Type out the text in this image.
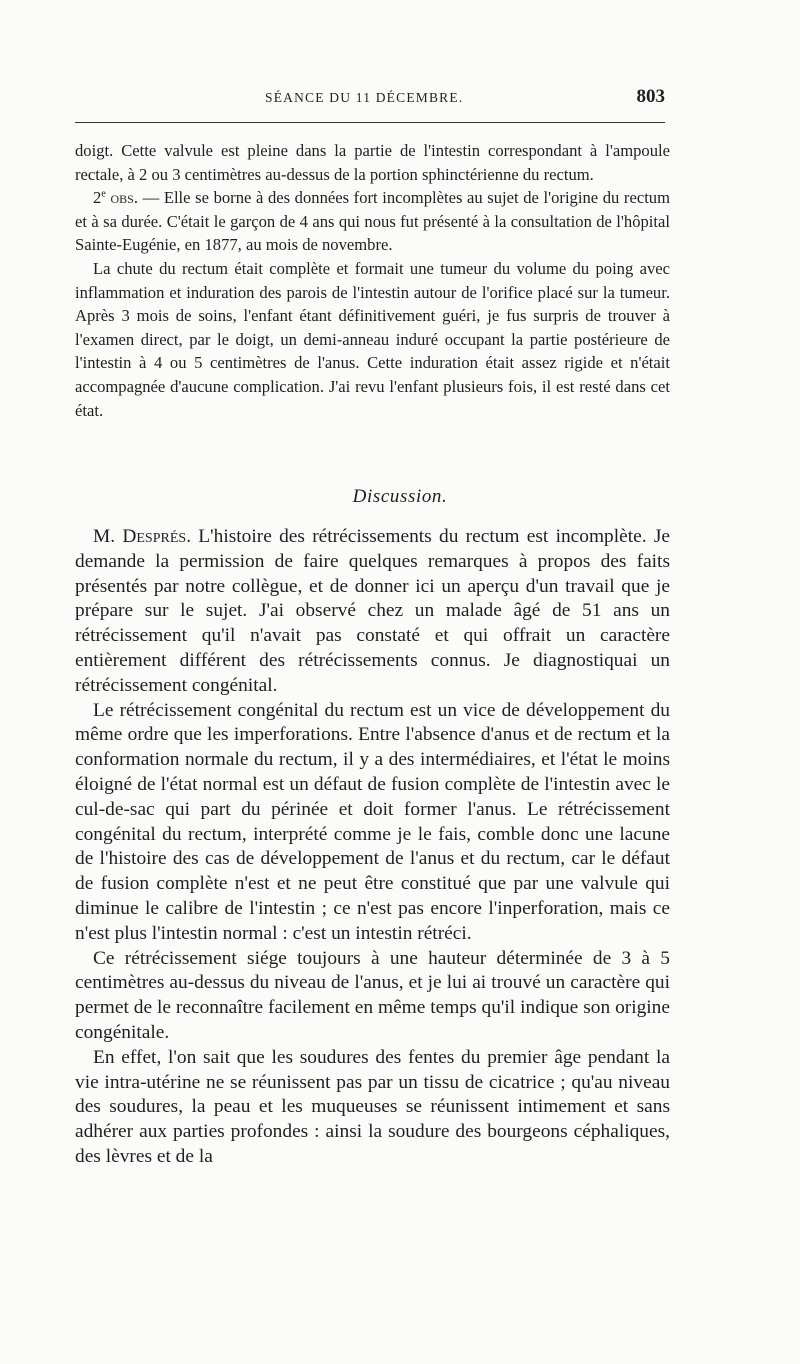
SÉANCE DU 11 DÉCEMBRE.	803

doigt. Cette valvule est pleine dans la partie de l'intestin correspondant à l'ampoule rectale, à 2 ou 3 centimètres au-dessus de la portion sphinctérienne du rectum.

2e obs. — Elle se borne à des données fort incomplètes au sujet de l'origine du rectum et à sa durée. C'était le garçon de 4 ans qui nous fut présenté à la consultation de l'hôpital Sainte-Eugénie, en 1877, au mois de novembre.

La chute du rectum était complète et formait une tumeur du volume du poing avec inflammation et induration des parois de l'intestin autour de l'orifice placé sur la tumeur. Après 3 mois de soins, l'enfant étant définitivement guéri, je fus surpris de trouver à l'examen direct, par le doigt, un demi-anneau induré occupant la partie postérieure de l'intestin à 4 ou 5 centimètres de l'anus. Cette induration était assez rigide et n'était accompagnée d'aucune complication. J'ai revu l'enfant plusieurs fois, il est resté dans cet état.

Discussion.

M. Després. L'histoire des rétrécissements du rectum est incomplète. Je demande la permission de faire quelques remarques à propos des faits présentés par notre collègue, et de donner ici un aperçu d'un travail que je prépare sur le sujet. J'ai observé chez un malade âgé de 51 ans un rétrécissement qu'il n'avait pas constaté et qui offrait un caractère entièrement différent des rétrécissements connus. Je diagnostiquai un rétrécissement congénital.

Le rétrécissement congénital du rectum est un vice de développement du même ordre que les imperforations. Entre l'absence d'anus et de rectum et la conformation normale du rectum, il y a des intermédiaires, et l'état le moins éloigné de l'état normal est un défaut de fusion complète de l'intestin avec le cul-de-sac qui part du périnée et doit former l'anus. Le rétrécissement congénital du rectum, interprété comme je le fais, comble donc une lacune de l'histoire des cas de développement de l'anus et du rectum, car le défaut de fusion complète n'est et ne peut être constitué que par une valvule qui diminue le calibre de l'intestin ; ce n'est pas encore l'inperforation, mais ce n'est plus l'intestin normal : c'est un intestin rétréci.

Ce rétrécissement siége toujours à une hauteur déterminée de 3 à 5 centimètres au-dessus du niveau de l'anus, et je lui ai trouvé un caractère qui permet de le reconnaître facilement en même temps qu'il indique son origine congénitale.

En effet, l'on sait que les soudures des fentes du premier âge pendant la vie intra-utérine ne se réunissent pas par un tissu de cicatrice ; qu'au niveau des soudures, la peau et les muqueuses se réunissent intimement et sans adhérer aux parties profondes : ainsi la soudure des bourgeons céphaliques, des lèvres et de la
